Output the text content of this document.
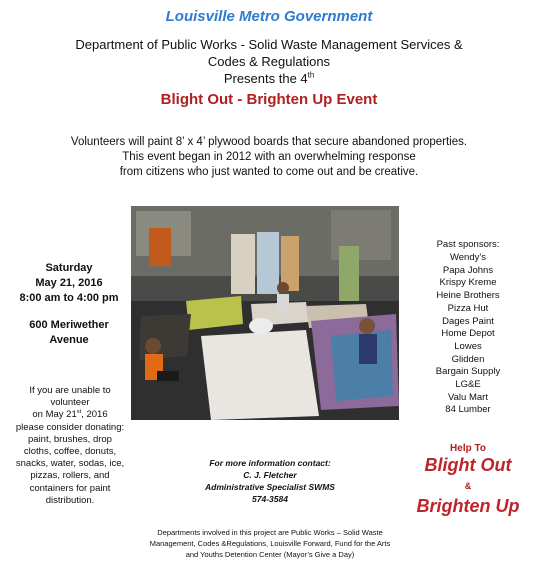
Louisville Metro Government
Department of Public Works - Solid Waste Management Services &
Codes & Regulations
Presents the 4th
Blight Out - Brighten Up Event
Volunteers will paint 8’ x 4’ plywood boards that secure abandoned properties.
This event began in 2012 with an overwhelming response
from citizens who just wanted to come out and be creative.
Saturday
May 21, 2016
8:00 am to 4:00 pm
600 Meriwether
Avenue
If you are unable to
volunteer
on May 21st, 2016
please consider donating:
paint, brushes, drop
cloths, coffee, donuts,
snacks, water, sodas, ice,
pizzas, rollers, and
containers for paint
distribution.
Past sponsors:
Wendy’s
Papa Johns
Krispy Kreme
Heine Brothers
Pizza Hut
Dages Paint
Home Depot
Lowes
Glidden
Bargain Supply
LG&E
Valu Mart
84 Lumber
For more information contact:
C. J. Fletcher
Administrative Specialist SWMS
574-3584
Help To
Blight Out
&
Brighten Up
Departments involved in this project are Public Works – Solid Waste
Management, Codes &Regulations, Louisville Forward, Fund for the Arts
and Youths Detention Center (Mayor’s Give a Day)
